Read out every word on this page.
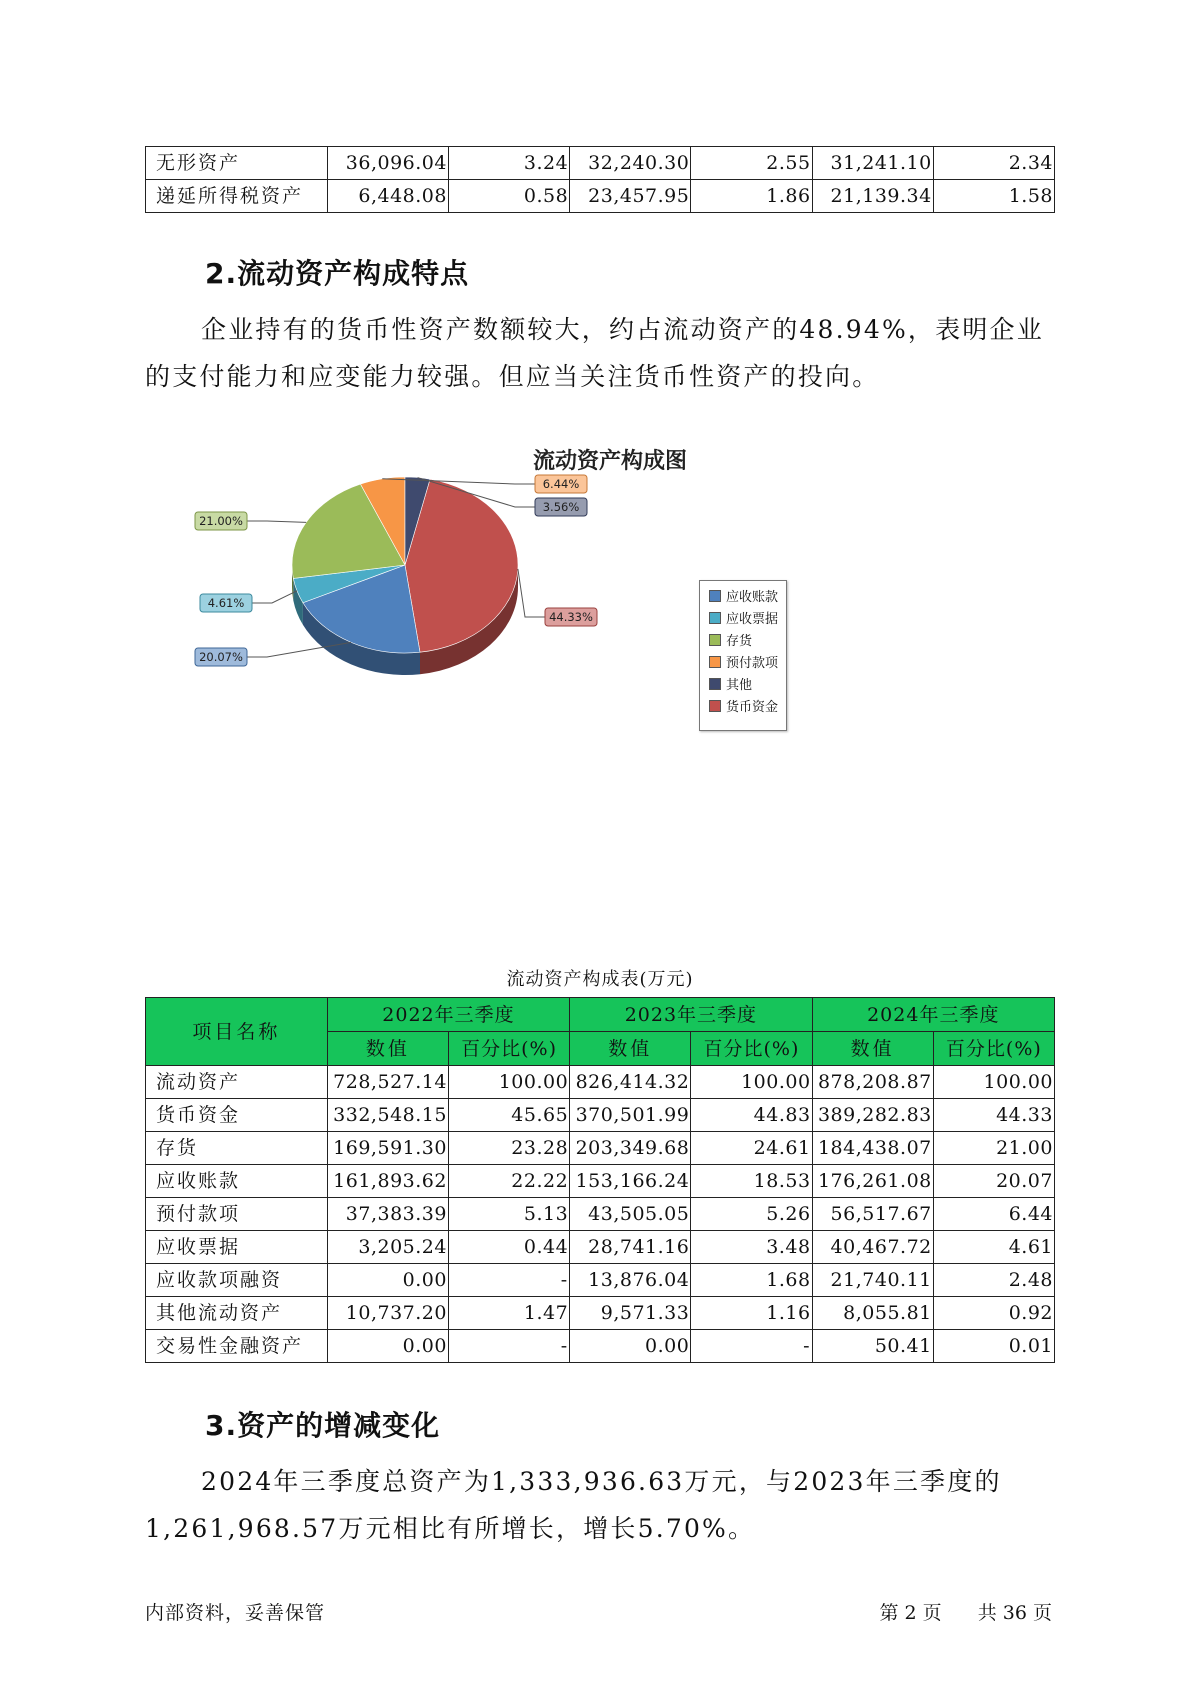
无形资产	36,096.04	3.24	32,240.30	2.55	31,241.10	2.34
递延所得税资产	6,448.08	0.58	23,457.95	1.86	21,139.34	1.58
2.流动资产构成特点
企业持有的货币性资产数额较大，约占流动资产的48.94%，表明企业的支付能力和应变能力较强。但应当关注货币性资产的投向。
流动资产构成图
44.33%
20.07%
4.61%
21.00%
6.44%
3.56%
应收账款
应收票据
存货
预付款项
其他
货币资金
流动资产构成表(万元)
项目名称	2022年三季度		2023年三季度		2024年三季度	
	数值	百分比(%)	数值	百分比(%)	数值	百分比(%)
流动资产	728,527.14	100.00	826,414.32	100.00	878,208.87	100.00
货币资金	332,548.15	45.65	370,501.99	44.83	389,282.83	44.33
存货	169,591.30	23.28	203,349.68	24.61	184,438.07	21.00
应收账款	161,893.62	22.22	153,166.24	18.53	176,261.08	20.07
预付款项	37,383.39	5.13	43,505.05	5.26	56,517.67	6.44
应收票据	3,205.24	0.44	28,741.16	3.48	40,467.72	4.61
应收款项融资	0.00	-	13,876.04	1.68	21,740.11	2.48
其他流动资产	10,737.20	1.47	9,571.33	1.16	8,055.81	0.92
交易性金融资产	0.00	-	0.00	-	50.41	0.01
3.资产的增减变化
2024年三季度总资产为1,333,936.63万元，与2023年三季度的1,261,968.57万元相比有所增长，增长5.70%。
内部资料，妥善保管	第 2 页 共 36 页
